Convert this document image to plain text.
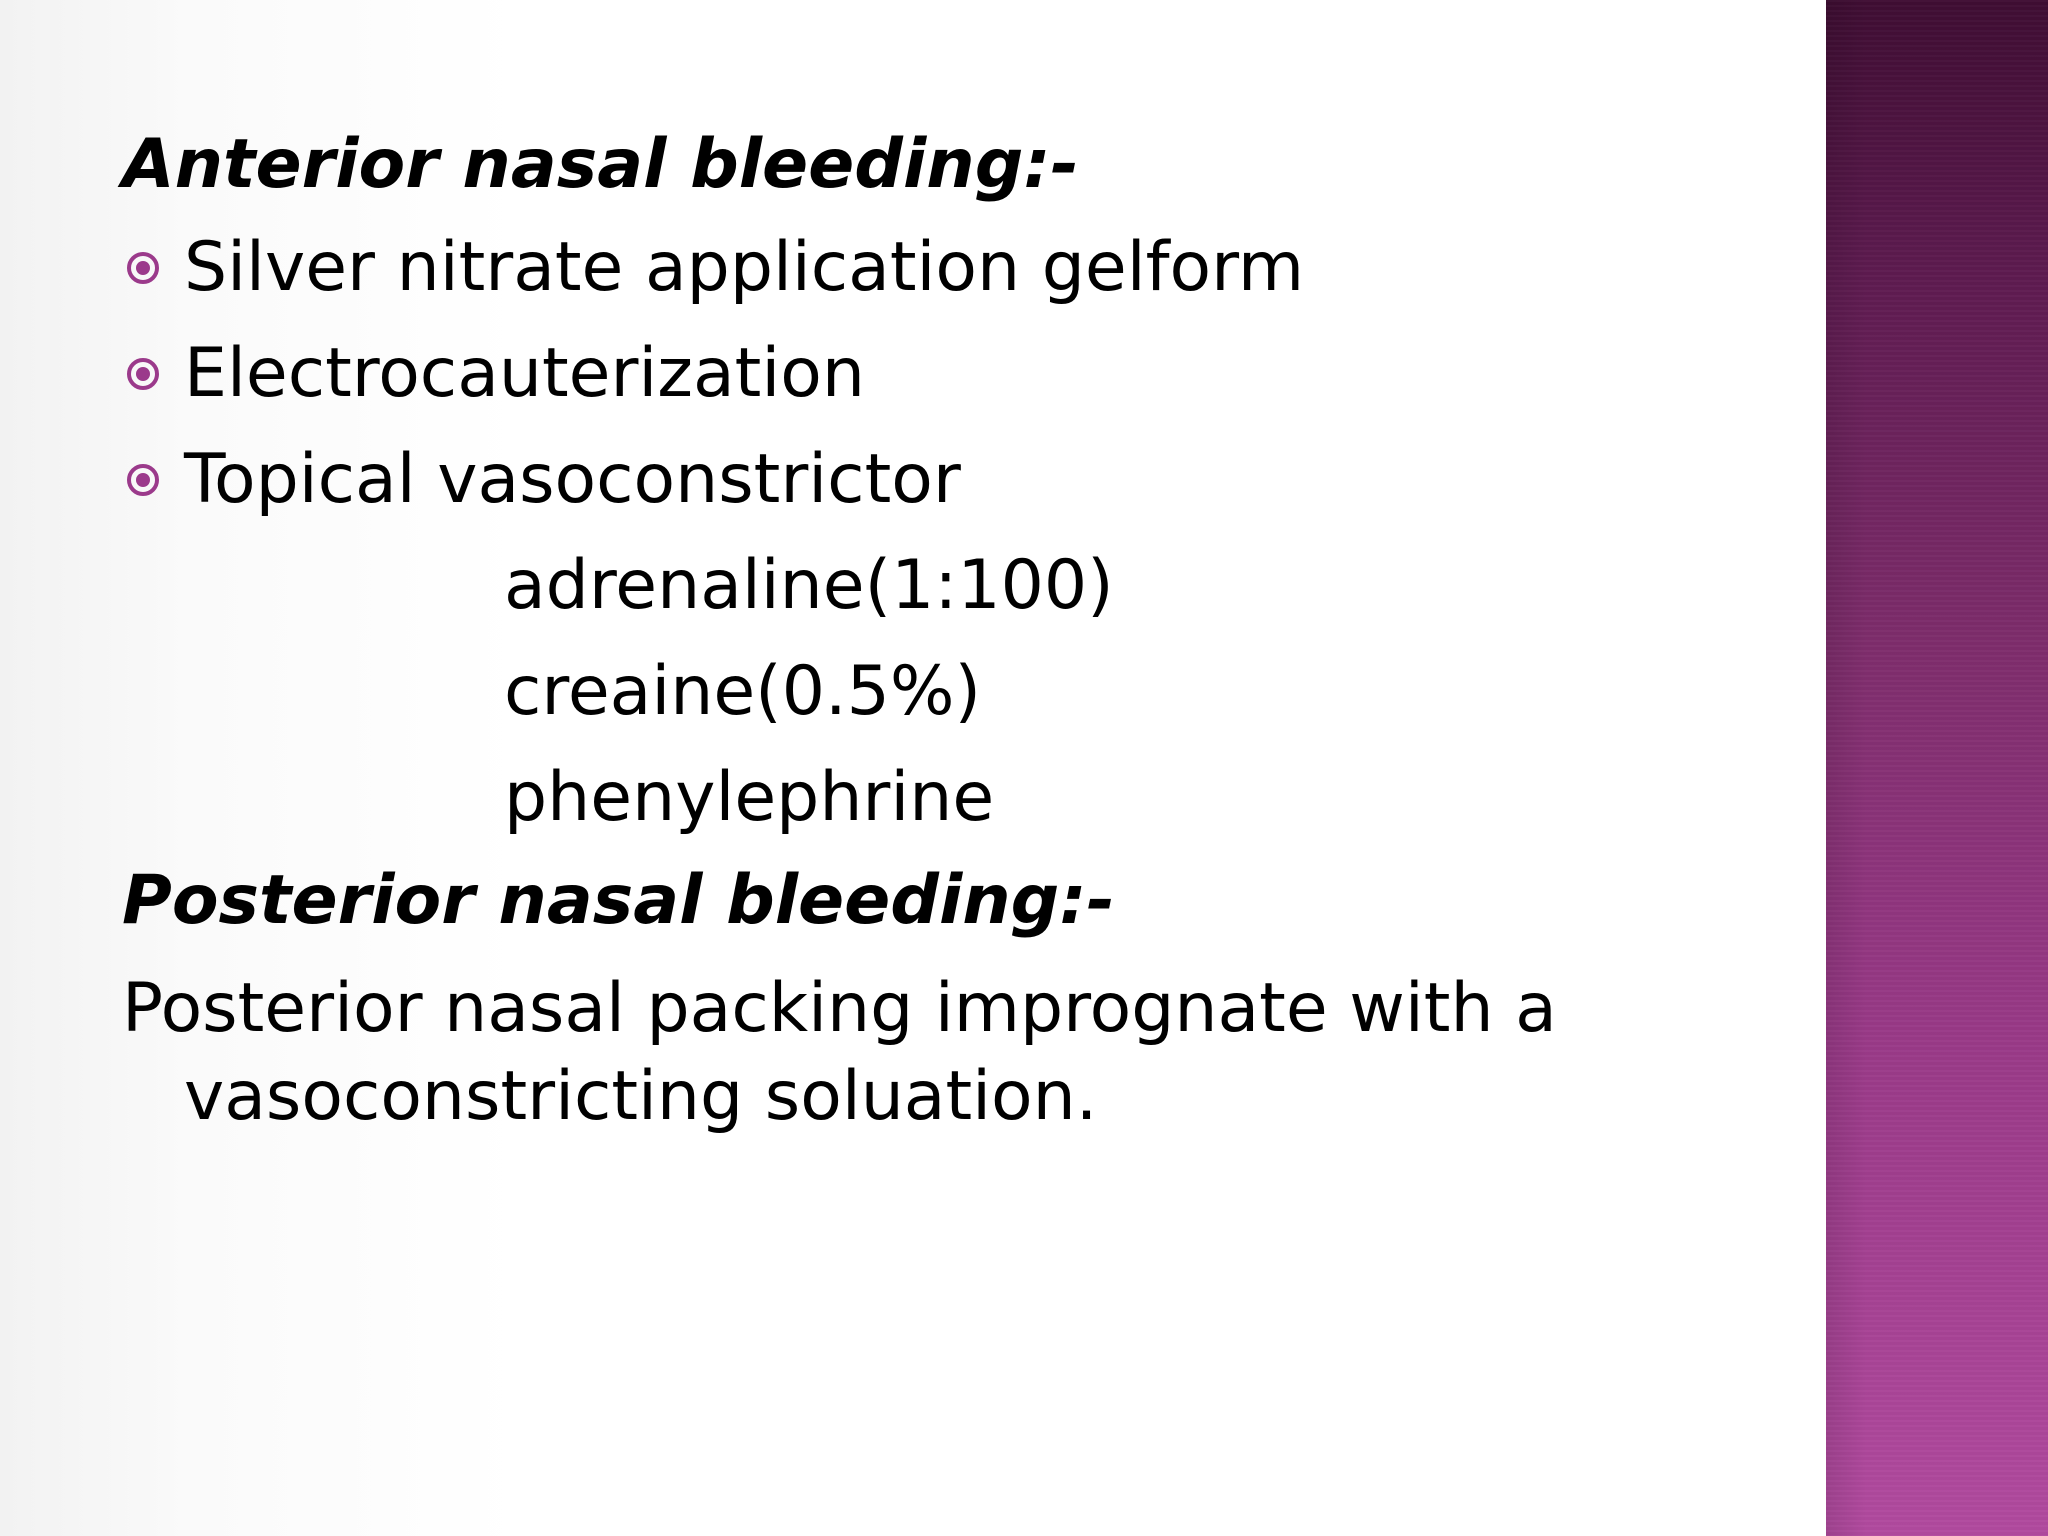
Anterior nasal bleeding:-
Silver nitrate application gelform
Electrocauterization
Topical vasoconstrictor
adrenaline(1:100)
creaine(0.5%)
phenylephrine
Posterior nasal bleeding:-
Posterior nasal packing imprognate with a vasoconstricting soluation.
